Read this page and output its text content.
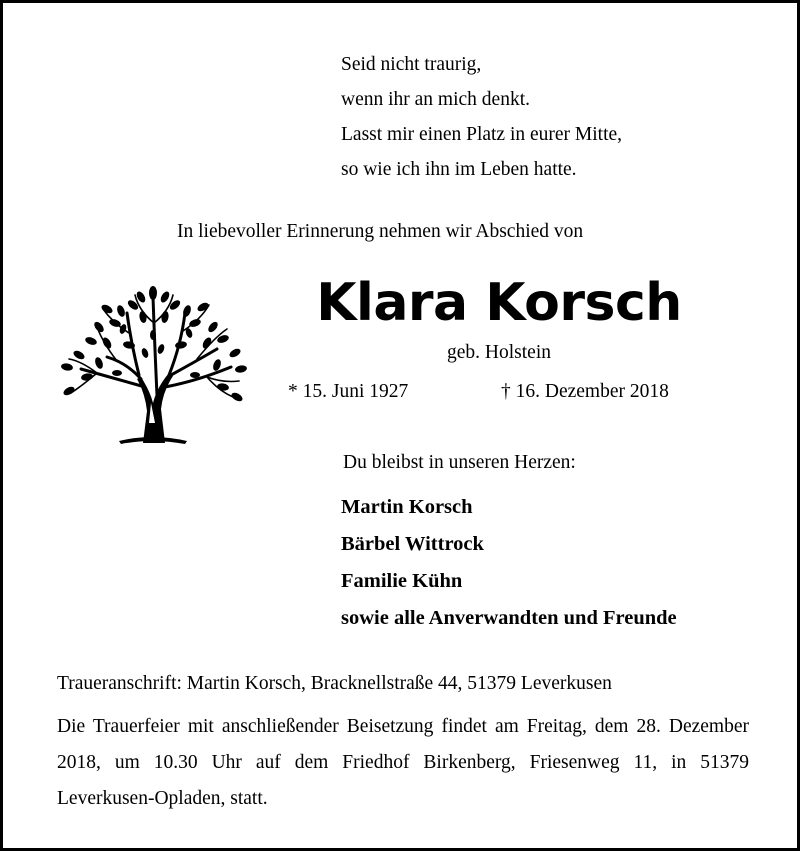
Seid nicht traurig,
wenn ihr an mich denkt.
Lasst mir einen Platz in eurer Mitte,
so wie ich ihn im Leben hatte.
In liebevoller Erinnerung nehmen wir Abschied von
Klara Korsch
geb. Holstein
* 15. Juni 1927	† 16. Dezember 2018
Du bleibst in unseren Herzen:
Martin Korsch
Bärbel Wittrock
Familie Kühn
sowie alle Anverwandten und Freunde
Traueranschrift: Martin Korsch, Bracknellstraße 44, 51379 Leverkusen
Die Trauerfeier mit anschließender Beisetzung findet am Freitag, dem 28. Dezember 2018, um 10.30 Uhr auf dem Friedhof Birkenberg, Friesenweg 11, in 51379 Leverkusen-Opladen, statt.
